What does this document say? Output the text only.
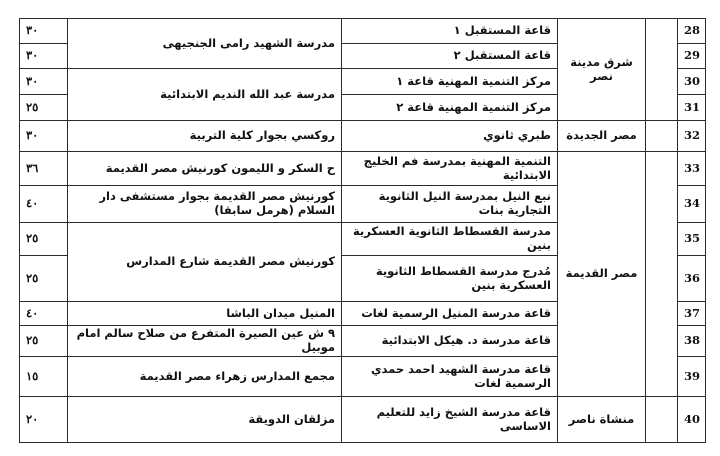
٣٠	مدرسة الشهيد رامى الجنجيهى	قاعة المستقبل ١	شرق مدينة نصر		28
٣٠		قاعة المستقبل ٢			29
٣٠	مدرسة عبد الله النديم الابتدائية	مركز التنمية المهنية قاعة ١			30
٢٥		مركز التنمية المهنية قاعة ٢			31
٣٠	روكسي بجوار كلية التربية	طبري ثانوي	مصر الجديدة		32
٣٦	ح السكر و الليمون كورنيش مصر القديمة	التنمية المهنية بمدرسة فم الخليج الابتدائية	مصر القديمة		33
٤٠	كورنيش مصر القديمة بجوار مستشفى دار السلام (هرمل سابقا)	نبع النيل بمدرسة النيل الثانوية التجارية بنات			34
٢٥	كورنيش مصر القديمة شارع المدارس	مدرسة القسطاط الثانوية العسكرية بنين			35
٢٥		مُدرج مدرسة القسطاط الثانوية العسكرية بنين			36
٤٠	المنيل ميدان الباشا	قاعة مدرسة المنيل الرسمية لغات			37
٢٥	٩ ش عين الصيرة المتفرع من صلاح سالم امام موبيل	قاعة مدرسة د. هيكل الابتدائية			38
١٥	مجمع المدارس زهراء مصر القديمة	قاعة مدرسة الشهيد احمد حمدي الرسمية لغات			39
٢٠	مزلقان الدويقة	قاعة مدرسة الشيخ زايد للتعليم الاساسى	منشاة ناصر		40
